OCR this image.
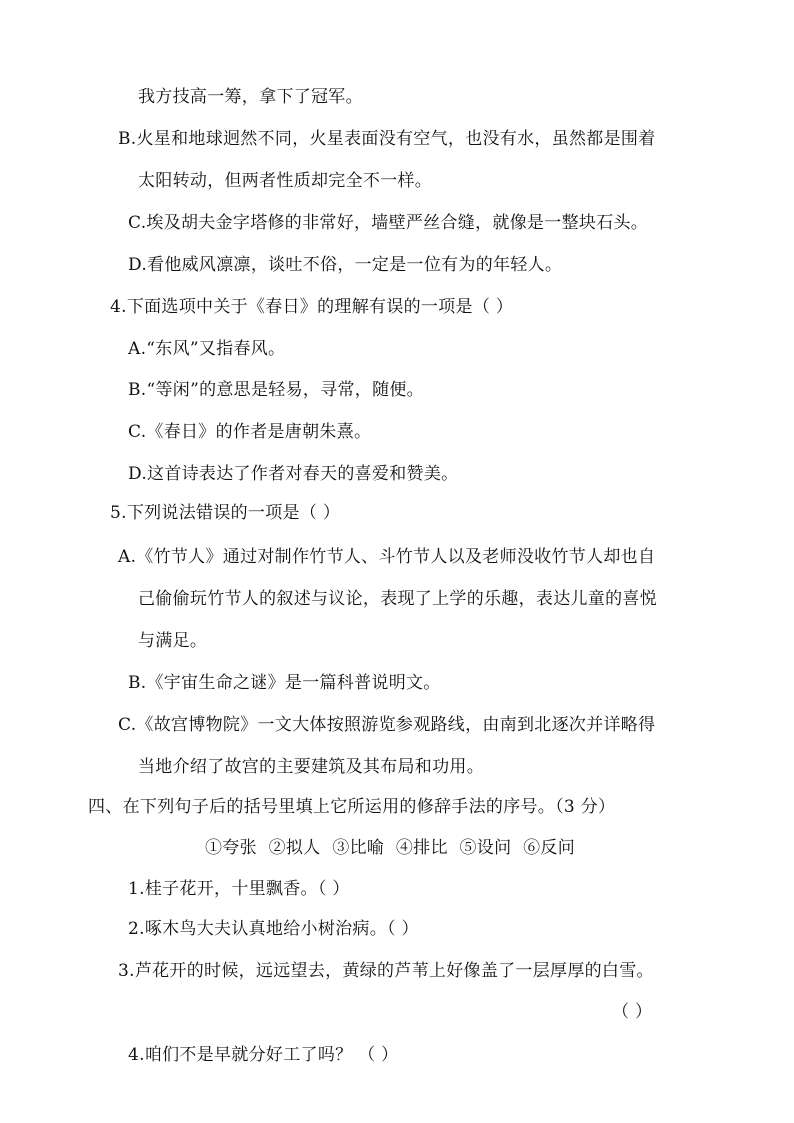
我方技高一筹，拿下了冠军。
B.火星和地球迥然不同，火星表面没有空气，也没有水，虽然都是围着
太阳转动，但两者性质却完全不一样。
C.埃及胡夫金字塔修的非常好，墙壁严丝合缝，就像是一整块石头。
D.看他威风凛凛，谈吐不俗，一定是一位有为的年轻人。
4.下面选项中关于《春日》的理解有误的一项是（ ）
A.“东风”又指春风。
B.“等闲”的意思是轻易，寻常，随便。
C.《春日》的作者是唐朝朱熹。
D.这首诗表达了作者对春天的喜爱和赞美。
5.下列说法错误的一项是（ ）
A.《竹节人》通过对制作竹节人、斗竹节人以及老师没收竹节人却也自
己偷偷玩竹节人的叙述与议论，表现了上学的乐趣，表达儿童的喜悦
与满足。
B.《宇宙生命之谜》是一篇科普说明文。
C.《故宫博物院》一文大体按照游览参观路线，由南到北逐次并详略得
当地介绍了故宫的主要建筑及其布局和功用。
四、在下列句子后的括号里填上它所运用的修辞手法的序号。（3 分）
①夸张 ②拟人 ③比喻 ④排比 ⑤设问 ⑥反问
1.桂子花开，十里飘香。（ ）
2.啄木鸟大夫认真地给小树治病。（ ）
3.芦花开的时候，远远望去，黄绿的芦苇上好像盖了一层厚厚的白雪。
（ ）
4.咱们不是早就分好工了吗？ （ ）
